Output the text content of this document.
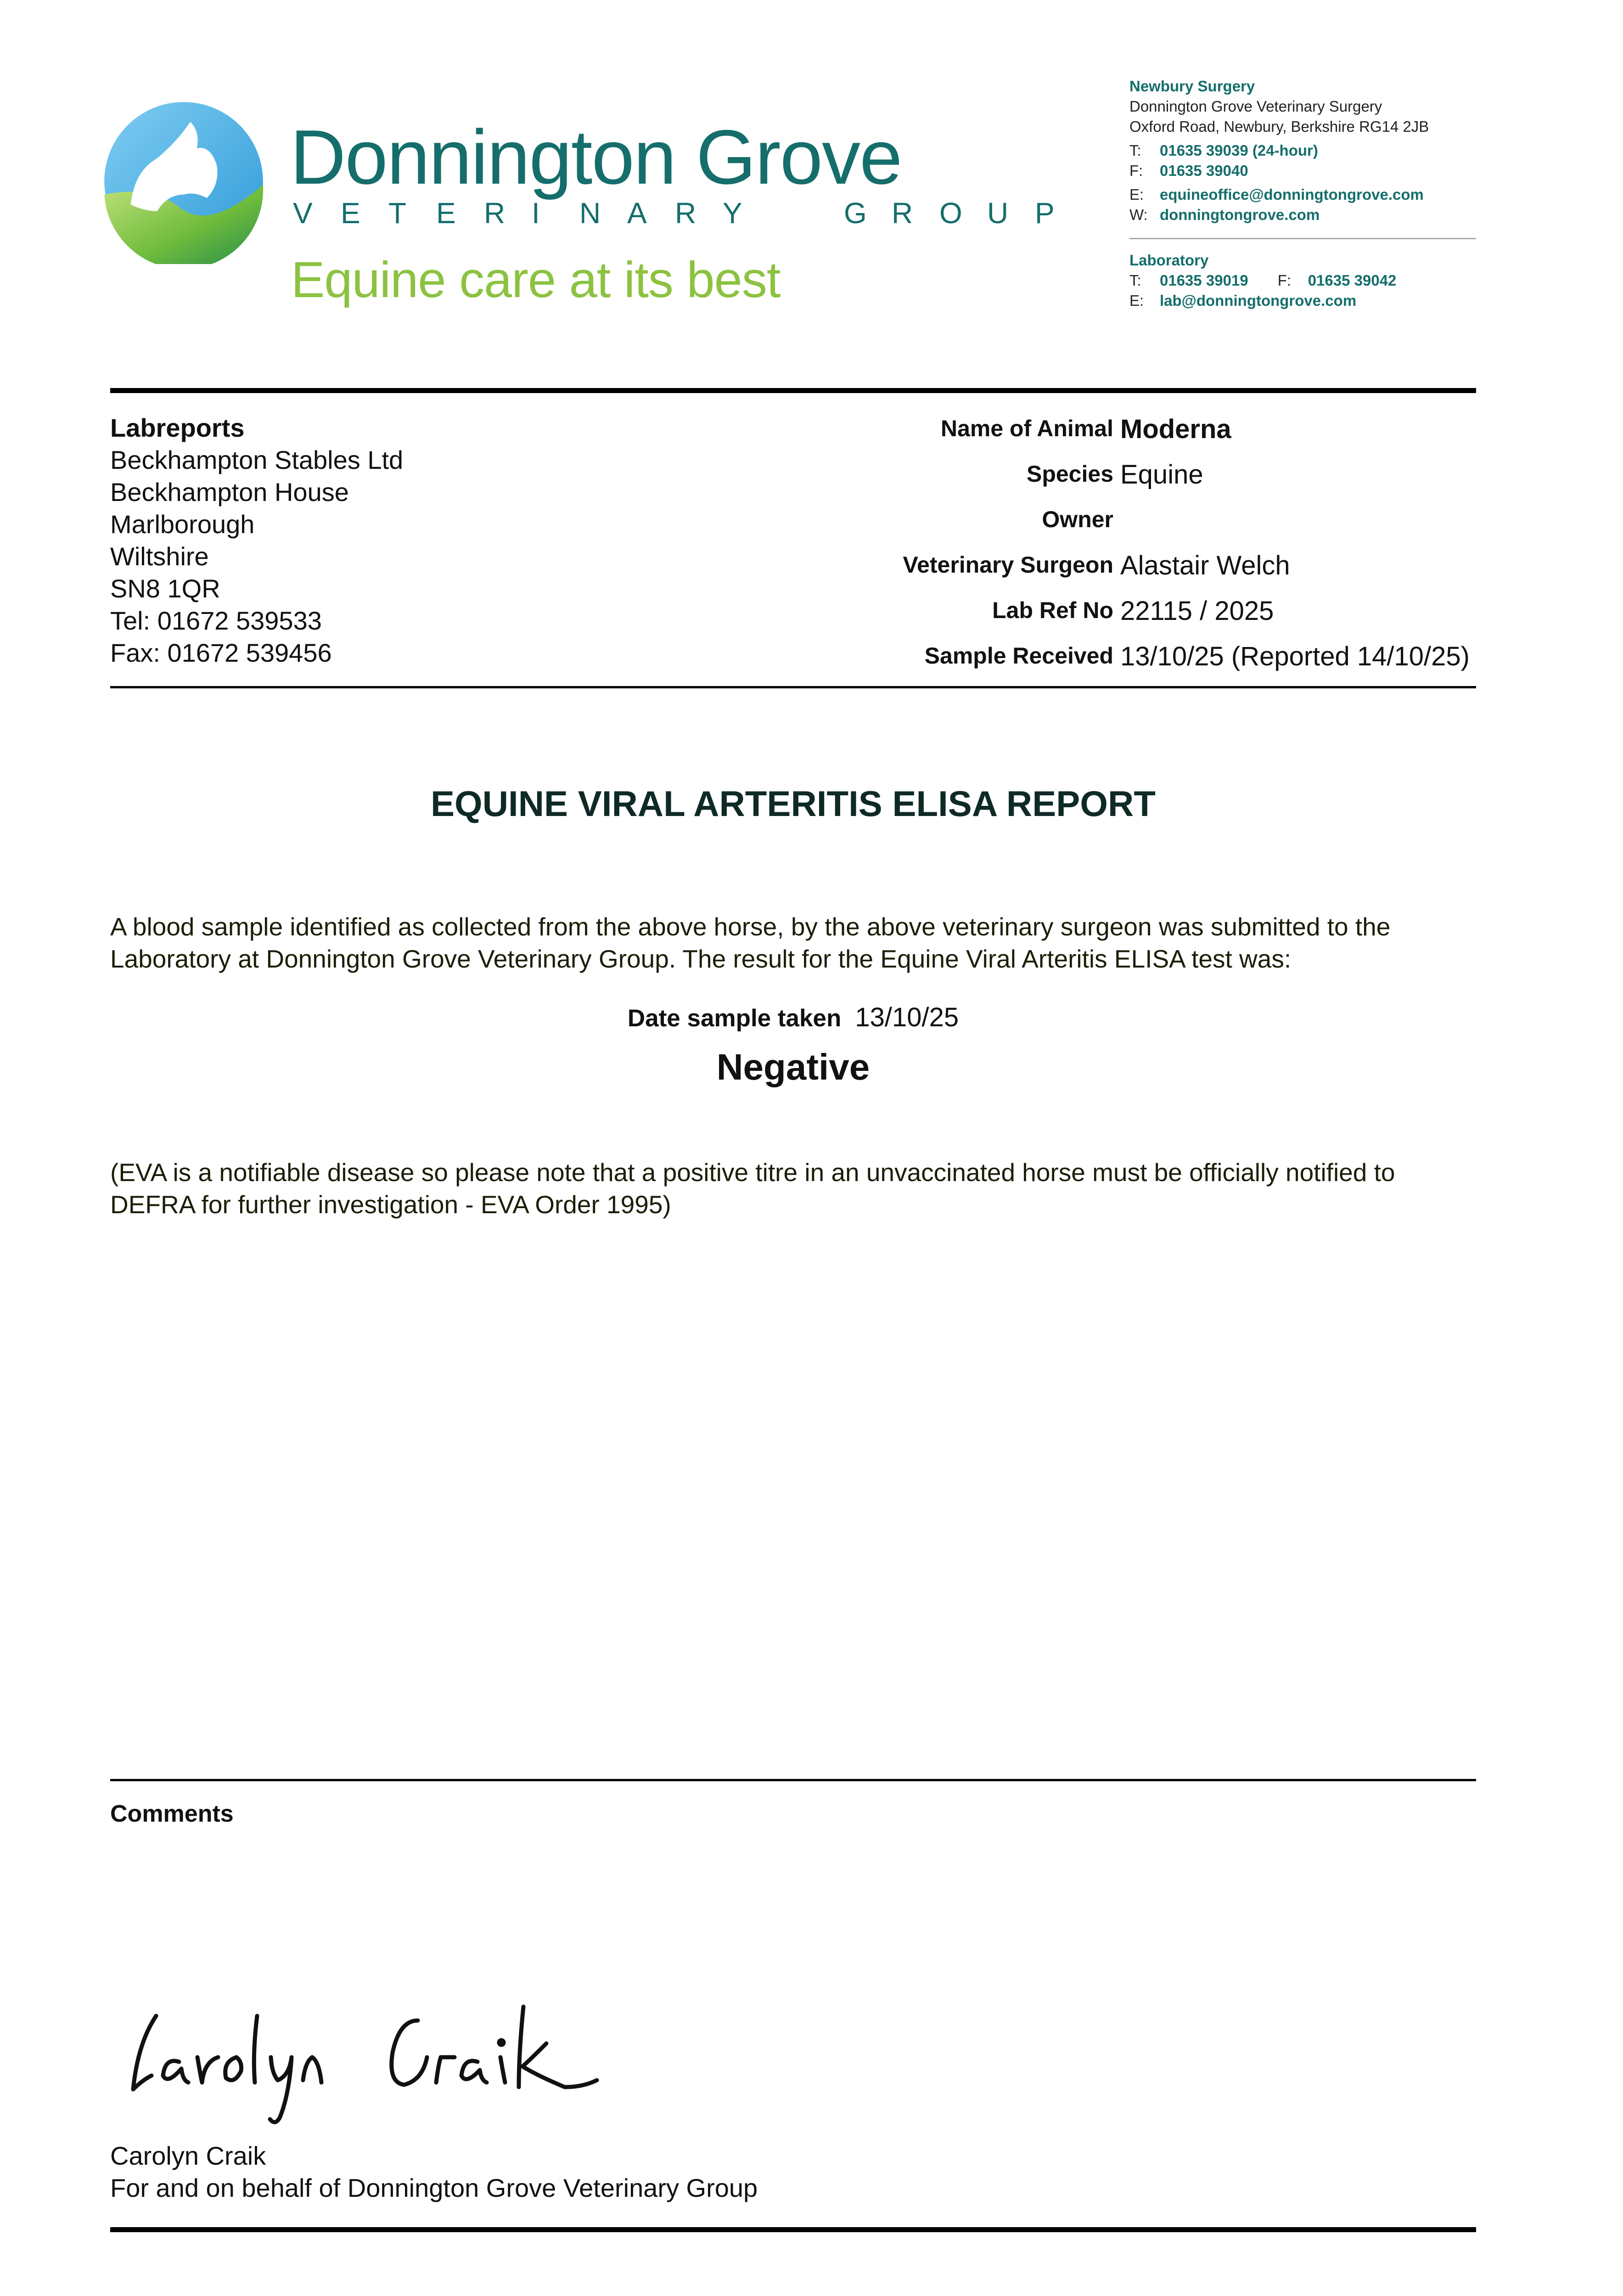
Donnington Grove
V E T E R I N A R Y	G R O U P
Equine care at its best
Newbury Surgery
Donnington Grove Veterinary Surgery
Oxford Road, Newbury, Berkshire RG14 2JB
T: 01635 39039 (24-hour)
F: 01635 39040
E: equineoffice@donningtongrove.com
W: donningtongrove.com
Laboratory
T: 01635 39019 F: 01635 39042
E: lab@donningtongrove.com
Labreports
Beckhampton Stables Ltd
Beckhampton House
Marlborough
Wiltshire
SN8 1QR
Tel: 01672 539533
Fax: 01672 539456
Name of Animal Moderna
Species Equine
Owner
Veterinary Surgeon Alastair Welch
Lab Ref No 22115 / 2025
Sample Received 13/10/25 (Reported 14/10/25)
EQUINE VIRAL ARTERITIS ELISA REPORT
A blood sample identified as collected from the above horse, by the above veterinary surgeon was submitted to the Laboratory at Donnington Grove Veterinary Group. The result for the Equine Viral Arteritis ELISA test was:
Date sample taken 13/10/25
Negative
(EVA is a notifiable disease so please note that a positive titre in an unvaccinated horse must be officially notified to DEFRA for further investigation - EVA Order 1995)
Comments
Carolyn Craik
For and on behalf of Donnington Grove Veterinary Group
